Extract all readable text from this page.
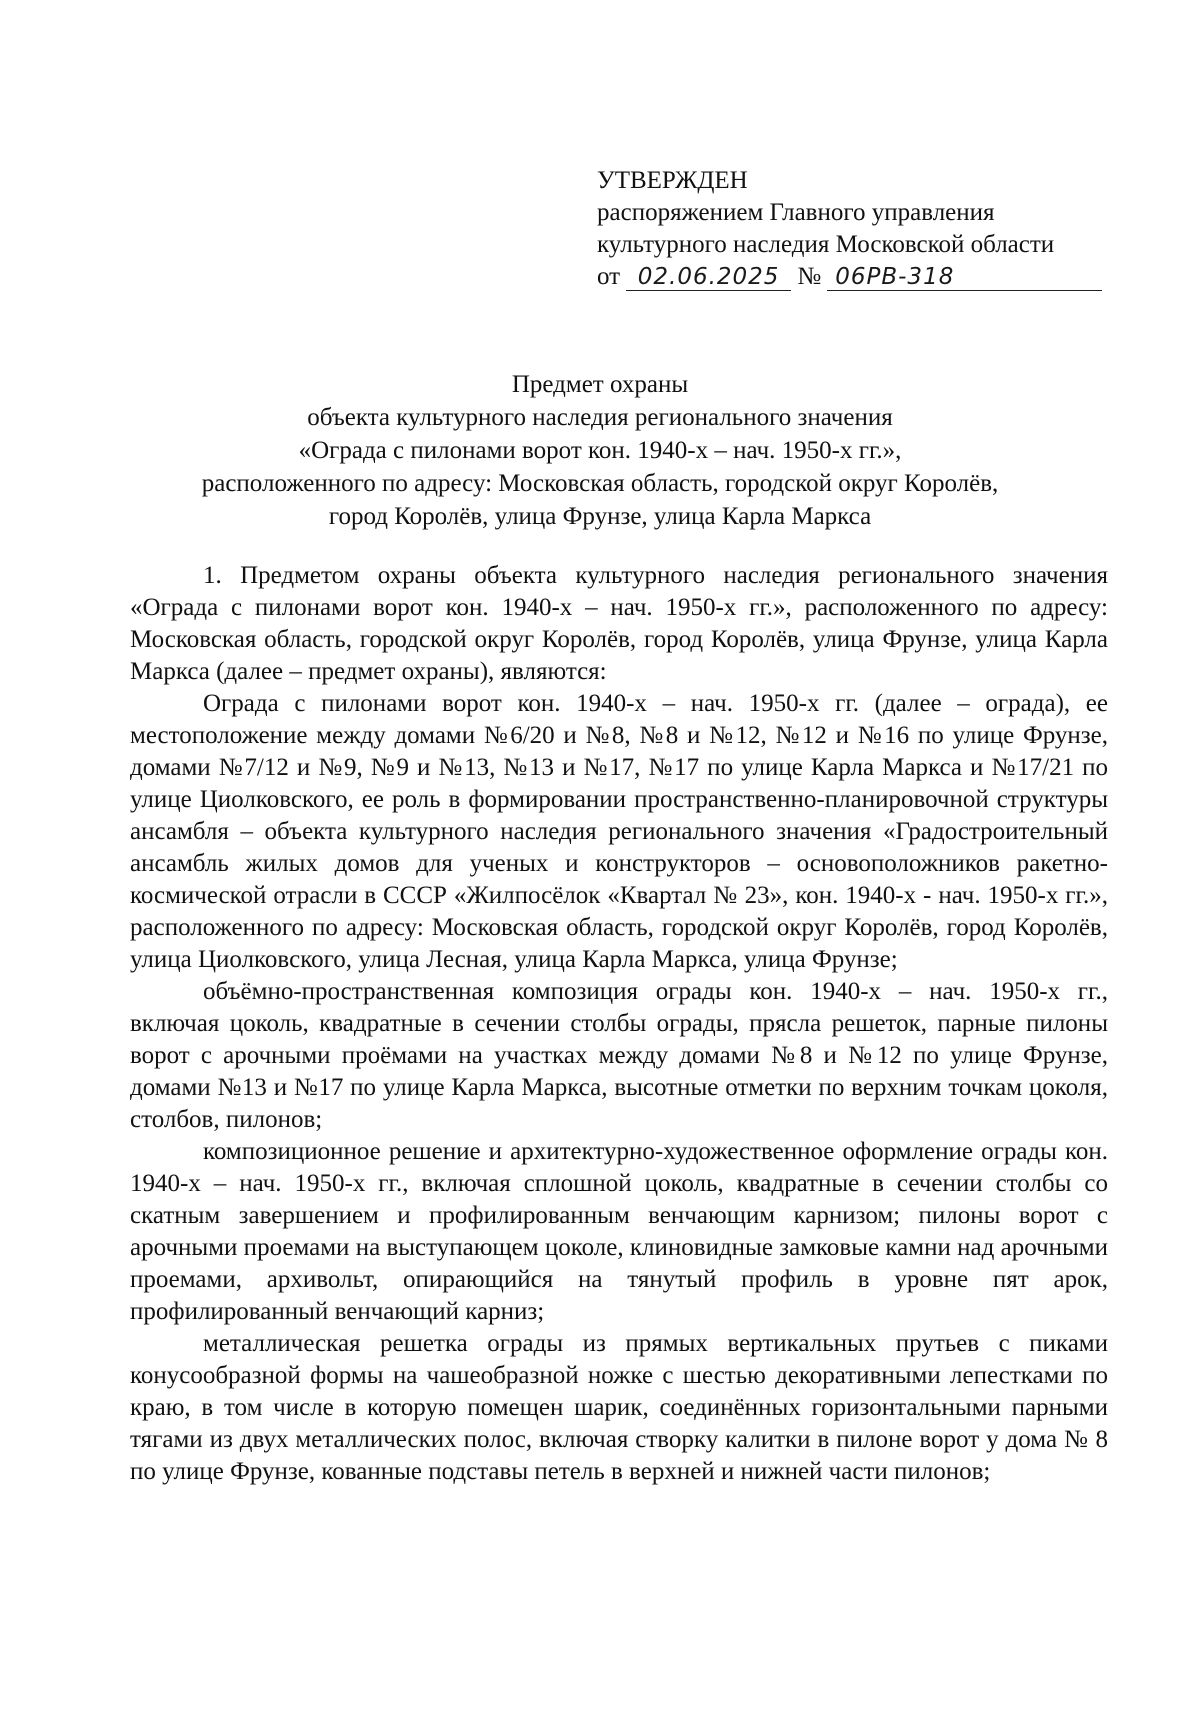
УТВЕРЖДЕН
распоряжением Главного управления
культурного наследия Московской области
от 02.06.2025 № 06РВ-318
Предмет охраны
объекта культурного наследия регионального значения
«Ограда с пилонами ворот кон. 1940-х – нач. 1950-х гг.»,
расположенного по адресу: Московская область, городской округ Королёв,
город Королёв, улица Фрунзе, улица Карла Маркса

1. Предметом охраны объекта культурного наследия регионального значения «Ограда с пилонами ворот кон. 1940-х – нач. 1950-х гг.», расположенного по адресу: Московская область, городской округ Королёв, город Королёв, улица Фрунзе, улица Карла Маркса (далее – предмет охраны), являются:

Ограда с пилонами ворот кон. 1940-х – нач. 1950-х гг. (далее – ограда), ее местоположение между домами №6/20 и №8, №8 и №12, №12 и №16 по улице Фрунзе, домами №7/12 и №9, №9 и №13, №13 и №17, №17 по улице Карла Маркса и №17/21 по улице Циолковского, ее роль в формировании пространственно-планировочной структуры ансамбля – объекта культурного наследия регионального значения «Градостроительный ансамбль жилых домов для ученых и конструкторов – основоположников ракетно-космической отрасли в СССР «Жилпосёлок «Квартал № 23», кон. 1940-х - нач. 1950-х гг.», расположенного по адресу: Московская область, городской округ Королёв, город Королёв, улица Циолковского, улица Лесная, улица Карла Маркса, улица Фрунзе;

объёмно-пространственная композиция ограды кон. 1940-х – нач. 1950-х гг., включая цоколь, квадратные в сечении столбы ограды, прясла решеток, парные пилоны ворот с арочными проёмами на участках между домами №8 и №12 по улице Фрунзе, домами №13 и №17 по улице Карла Маркса, высотные отметки по верхним точкам цоколя, столбов, пилонов;

композиционное решение и архитектурно-художественное оформление ограды кон. 1940-х – нач. 1950-х гг., включая сплошной цоколь, квадратные в сечении столбы со скатным завершением и профилированным венчающим карнизом; пилоны ворот с арочными проемами на выступающем цоколе, клиновидные замковые камни над арочными проемами, архивольт, опирающийся на тянутый профиль в уровне пят арок, профилированный венчающий карниз;

металлическая решетка ограды из прямых вертикальных прутьев с пиками конусообразной формы на чашеобразной ножке с шестью декоративными лепестками по краю, в том числе в которую помещен шарик, соединённых горизонтальными парными тягами из двух металлических полос, включая створку калитки в пилоне ворот у дома № 8 по улице Фрунзе, кованные подставы петель в верхней и нижней части пилонов;
